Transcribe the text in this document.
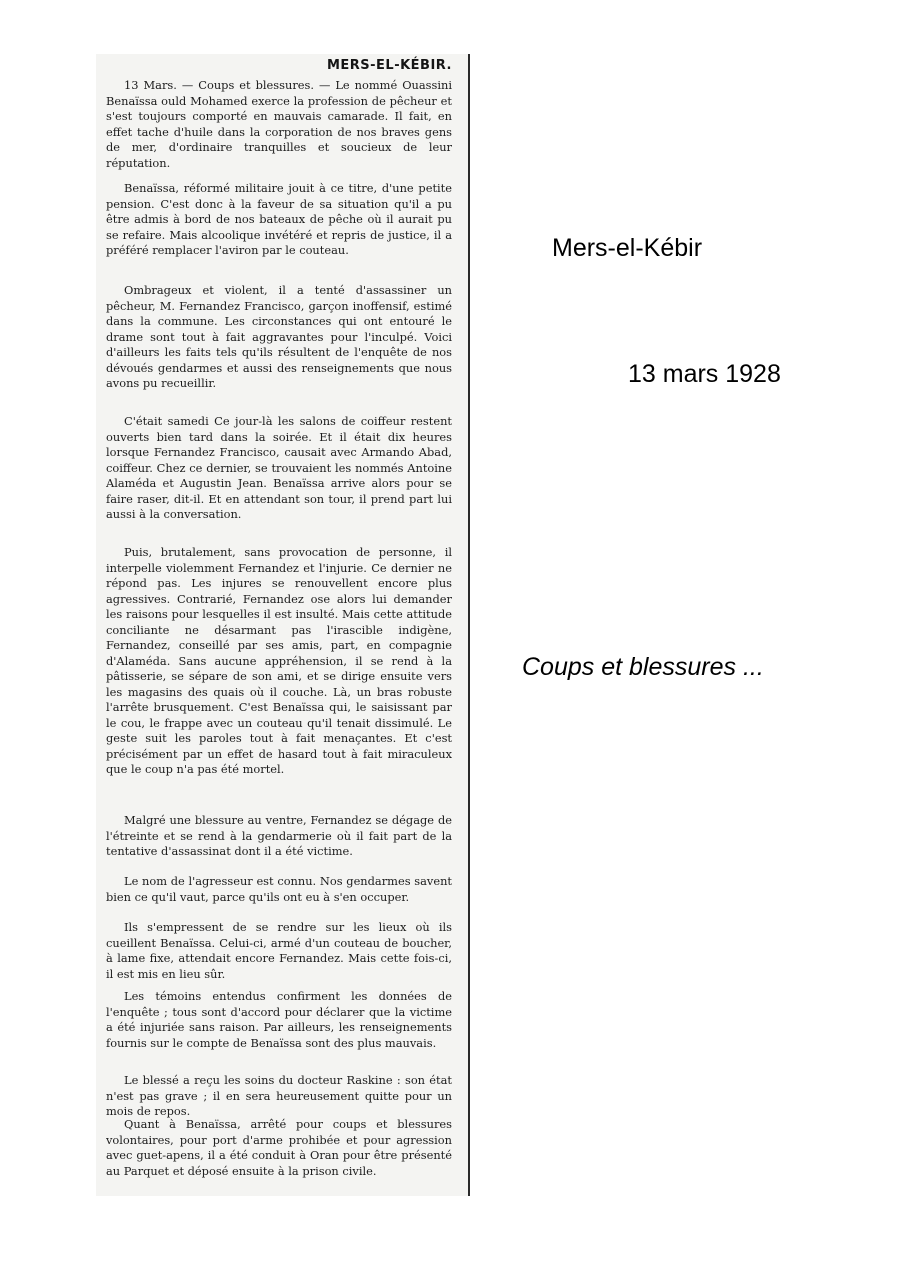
MERS-EL-KÉBIR.

13 Mars. — Coups et blessures. — Le nommé Ouassini Benaïssa ould Mohamed exerce la profession de pêcheur et s'est toujours comporté en mauvais camarade. Il fait, en effet tache d'huile dans la corporation de nos braves gens de mer, d'ordinaire tranquilles et soucieux de leur réputation.

Benaïssa, réformé militaire jouit à ce titre, d'une petite pension. C'est donc à la faveur de sa situation qu'il a pu être admis à bord de nos bateaux de pêche où il aurait pu se refaire. Mais alcoolique invétéré et repris de justice, il a préféré remplacer l'aviron par le couteau.

Ombrageux et violent, il a tenté d'assassiner un pêcheur, M. Fernandez Francisco, garçon inoffensif, estimé dans la commune. Les circonstances qui ont entouré le drame sont tout à fait aggravantes pour l'inculpé. Voici d'ailleurs les faits tels qu'ils résultent de l'enquête de nos dévoués gendarmes et aussi des renseignements que nous avons pu recueillir.

C'était samedi Ce jour-là les salons de coiffeur restent ouverts bien tard dans la soirée. Et il était dix heures lorsque Fernandez Francisco, causait avec Armando Abad, coiffeur. Chez ce dernier, se trouvaient les nommés Antoine Alaméda et Augustin Jean. Benaïssa arrive alors pour se faire raser, dit-il. Et en attendant son tour, il prend part lui aussi à la conversation.

Puis, brutalement, sans provocation de personne, il interpelle violemment Fernandez et l'injurie. Ce dernier ne répond pas. Les injures se renouvellent encore plus agressives. Contrarié, Fernandez ose alors lui demander les raisons pour lesquelles il est insulté. Mais cette attitude conciliante ne désarmant pas l'irascible indigène, Fernandez, conseillé par ses amis, part, en compagnie d'Alaméda. Sans aucune appréhension, il se rend à la pâtisserie, se sépare de son ami, et se dirige ensuite vers les magasins des quais où il couche. Là, un bras robuste l'arrête brusquement. C'est Benaïssa qui, le saisissant par le cou, le frappe avec un couteau qu'il tenait dissimulé. Le geste suit les paroles tout à fait menaçantes. Et c'est précisément par un effet de hasard tout à fait miraculeux que le coup n'a pas été mortel.

Malgré une blessure au ventre, Fernandez se dégage de l'étreinte et se rend à la gendarmerie où il fait part de la tentative d'assassinat dont il a été victime.

Le nom de l'agresseur est connu. Nos gendarmes savent bien ce qu'il vaut, parce qu'ils ont eu à s'en occuper.

Ils s'empressent de se rendre sur les lieux où ils cueillent Benaïssa. Celui-ci, armé d'un couteau de boucher, à lame fixe, attendait encore Fernandez. Mais cette fois-ci, il est mis en lieu sûr.

Les témoins entendus confirment les données de l'enquête ; tous sont d'accord pour déclarer que la victime a été injuriée sans raison. Par ailleurs, les renseignements fournis sur le compte de Benaïssa sont des plus mauvais.

Le blessé a reçu les soins du docteur Raskine : son état n'est pas grave ; il en sera heureusement quitte pour un mois de repos.

Quant à Benaïssa, arrêté pour coups et blessures volontaires, pour port d'arme prohibée et pour agression avec guet-apens, il a été conduit à Oran pour être présenté au Parquet et déposé ensuite à la prison civile.

Mers-el-Kébir
13 mars 1928
Coups et blessures ...
